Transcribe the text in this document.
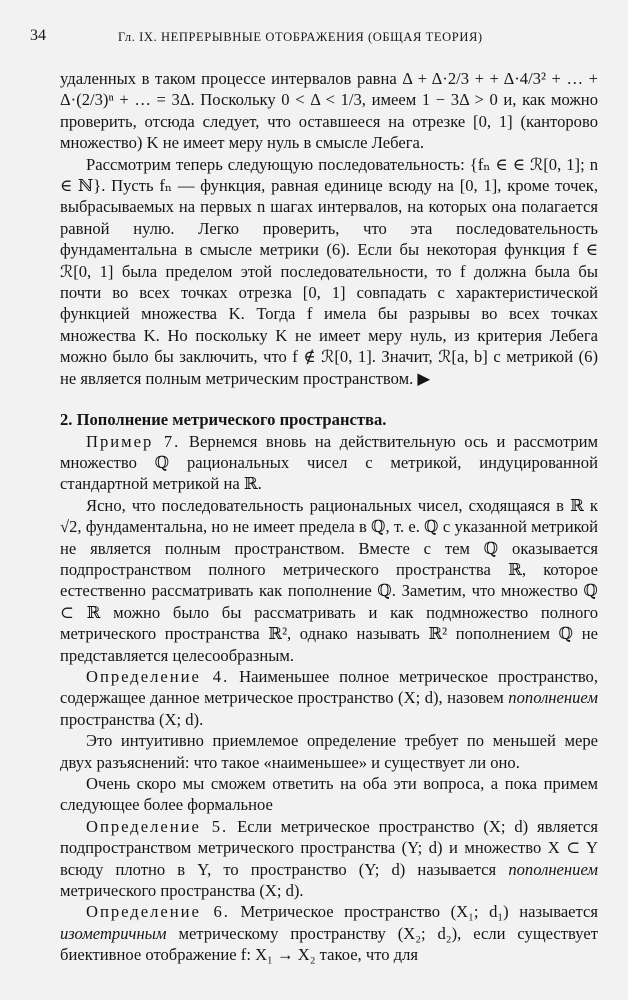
34	Гл. IX. НЕПРЕРЫВНЫЕ ОТОБРАЖЕНИЯ (ОБЩАЯ ТЕОРИЯ)

удаленных в таком процессе интервалов равна Δ + Δ·2/3 + + Δ·4/3² + … + Δ·(2/3)ⁿ + … = 3Δ. Поскольку 0 < Δ < 1/3, имеем 1 − 3Δ > 0 и, как можно проверить, отсюда следует, что оставшееся на отрезке [0, 1] (канторово множество) K не имеет меру нуль в смысле Лебега.

Рассмотрим теперь следующую последовательность: {fₙ ∈ ∈ ℛ[0, 1]; n ∈ ℕ}. Пусть fₙ — функция, равная единице всюду на [0, 1], кроме точек, выбрасываемых на первых n шагах интервалов, на которых она полагается равной нулю. Легко проверить, что эта последовательность фундаментальна в смысле метрики (6). Если бы некоторая функция f ∈ ℛ[0, 1] была пределом этой последовательности, то f должна была бы почти во всех точках отрезка [0, 1] совпадать с характеристической функцией множества K. Тогда f имела бы разрывы во всех точках множества K. Но поскольку K не имеет меру нуль, из критерия Лебега можно было бы заключить, что f ∉ ℛ[0, 1]. Значит, ℛ[a, b] с метрикой (6) не является полным метрическим пространством. ▶

2. Пополнение метрического пространства.

Пример 7. Вернемся вновь на действительную ось и рассмотрим множество ℚ рациональных чисел с метрикой, индуцированной стандартной метрикой на ℝ.

Ясно, что последовательность рациональных чисел, сходящаяся в ℝ к √2, фундаментальна, но не имеет предела в ℚ, т. е. ℚ с указанной метрикой не является полным пространством. Вместе с тем ℚ оказывается подпространством полного метрического пространства ℝ, которое естественно рассматривать как пополнение ℚ. Заметим, что множество ℚ ⊂ ℝ можно было бы рассматривать и как подмножество полного метрического пространства ℝ², однако называть ℝ² пополнением ℚ не представляется целесообразным.

Определение 4. Наименьшее полное метрическое пространство, содержащее данное метрическое пространство (X; d), назовем пополнением пространства (X; d).

Это интуитивно приемлемое определение требует по меньшей мере двух разъяснений: что такое «наименьшее» и существует ли оно.

Очень скоро мы сможем ответить на оба эти вопроса, а пока примем следующее более формальное

Определение 5. Если метрическое пространство (X; d) является подпространством метрического пространства (Y; d) и множество X ⊂ Y всюду плотно в Y, то пространство (Y; d) называется пополнением метрического пространства (X; d).

Определение 6. Метрическое пространство (X₁; d₁) называется изометричным метрическому пространству (X₂; d₂), если существует биективное отображение f: X₁ → X₂ такое, что для
